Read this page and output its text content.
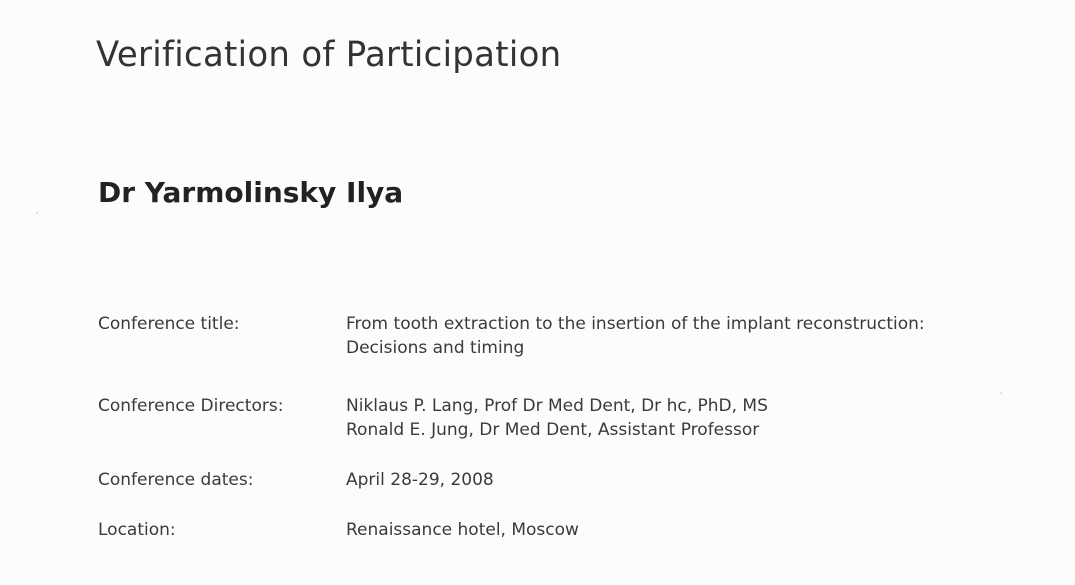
Verification of Participation
Dr Yarmolinsky Ilya
Conference title:	From tooth extraction to the insertion of the implant reconstruction:
Decisions and timing
Conference Directors:	Niklaus P. Lang, Prof Dr Med Dent, Dr hc, PhD, MS
Ronald E. Jung, Dr Med Dent, Assistant Professor
Conference dates:	April 28-29, 2008
Location:	Renaissance hotel, Moscow
